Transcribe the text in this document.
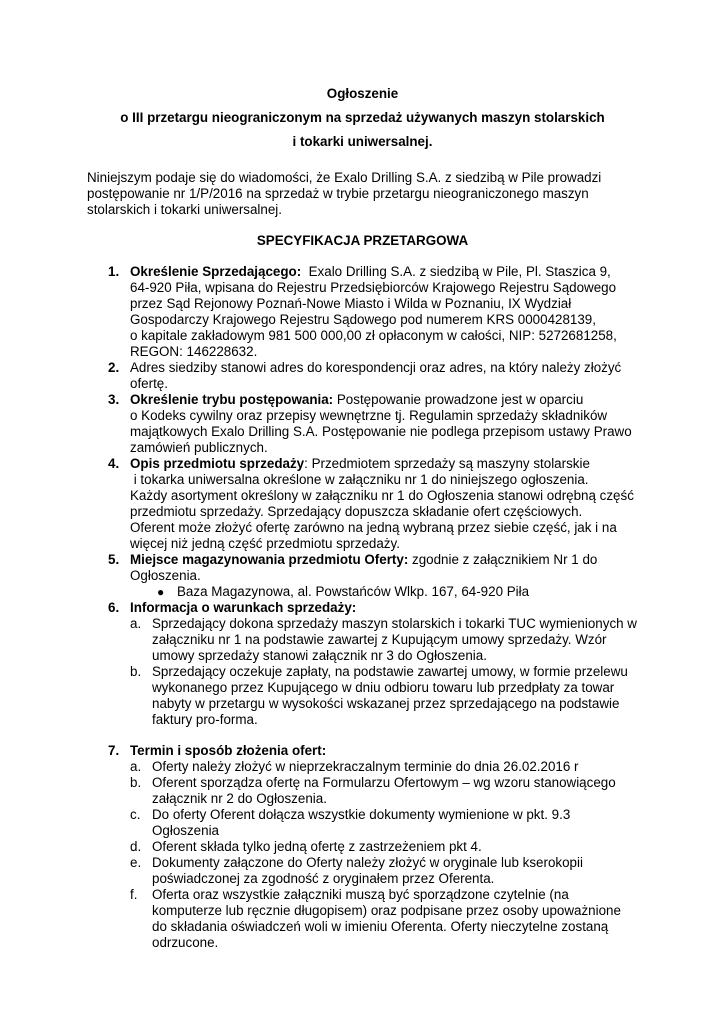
Ogłoszenie
o III przetargu nieograniczonym na sprzedaż używanych maszyn stolarskich
i tokarki uniwersalnej.
Niniejszym podaje się do wiadomości, że Exalo Drilling S.A. z siedzibą w Pile prowadzi
postępowanie nr 1/P/2016 na sprzedaż w trybie przetargu nieograniczonego maszyn
stolarskich i tokarki uniwersalnej.
SPECYFIKACJA PRZETARGOWA
1. Określenie Sprzedającego:  Exalo Drilling S.A. z siedzibą w Pile, Pl. Staszica 9,
64-920 Piła, wpisana do Rejestru Przedsiębiorców Krajowego Rejestru Sądowego
przez Sąd Rejonowy Poznań-Nowe Miasto i Wilda w Poznaniu, IX Wydział
Gospodarczy Krajowego Rejestru Sądowego pod numerem KRS 0000428139,
o kapitale zakładowym 981 500 000,00 zł opłaconym w całości, NIP: 5272681258,
REGON: 146228632.
2. Adres siedziby stanowi adres do korespondencji oraz adres, na który należy złożyć
ofertę.
3. Określenie trybu postępowania: Postępowanie prowadzone jest w oparciu
o Kodeks cywilny oraz przepisy wewnętrzne tj. Regulamin sprzedaży składników
majątkowych Exalo Drilling S.A. Postępowanie nie podlega przepisom ustawy Prawo
zamówień publicznych.
4. Opis przedmiotu sprzedaży: Przedmiotem sprzedaży są maszyny stolarskie
i tokarka uniwersalna określone w załączniku nr 1 do niniejszego ogłoszenia.
Każdy asortyment określony w załączniku nr 1 do Ogłoszenia stanowi odrębną część
przedmiotu sprzedaży. Sprzedający dopuszcza składanie ofert częściowych.
Oferent może złożyć ofertę zarówno na jedną wybraną przez siebie część, jak i na
więcej niż jedną część przedmiotu sprzedaży.
5. Miejsce magazynowania przedmiotu Oferty: zgodnie z załącznikiem Nr 1 do
Ogłoszenia.
● Baza Magazynowa, al. Powstańców Wlkp. 167, 64-920 Piła
6. Informacja o warunkach sprzedaży:
a. Sprzedający dokona sprzedaży maszyn stolarskich i tokarki TUC wymienionych w
załączniku nr 1 na podstawie zawartej z Kupującym umowy sprzedaży. Wzór
umowy sprzedaży stanowi załącznik nr 3 do Ogłoszenia.
b. Sprzedający oczekuje zapłaty, na podstawie zawartej umowy, w formie przelewu
wykonanego przez Kupującego w dniu odbioru towaru lub przedpłaty za towar
nabyty w przetargu w wysokości wskazanej przez sprzedającego na podstawie
faktury pro-forma.
7. Termin i sposób złożenia ofert:
a. Oferty należy złożyć w nieprzekraczalnym terminie do dnia 26.02.2016 r
b. Oferent sporządza ofertę na Formularzu Ofertowym – wg wzoru stanowiącego
załącznik nr 2 do Ogłoszenia.
c. Do oferty Oferent dołącza wszystkie dokumenty wymienione w pkt. 9.3
Ogłoszenia
d. Oferent składa tylko jedną ofertę z zastrzeżeniem pkt 4.
e. Dokumenty załączone do Oferty należy złożyć w oryginale lub kserokopii
poświadczonej za zgodność z oryginałem przez Oferenta.
f. Oferta oraz wszystkie załączniki muszą być sporządzone czytelnie (na
komputerze lub ręcznie długopisem) oraz podpisane przez osoby upoważnione
do składania oświadczeń woli w imieniu Oferenta. Oferty nieczytelne zostaną
odrzucone.
